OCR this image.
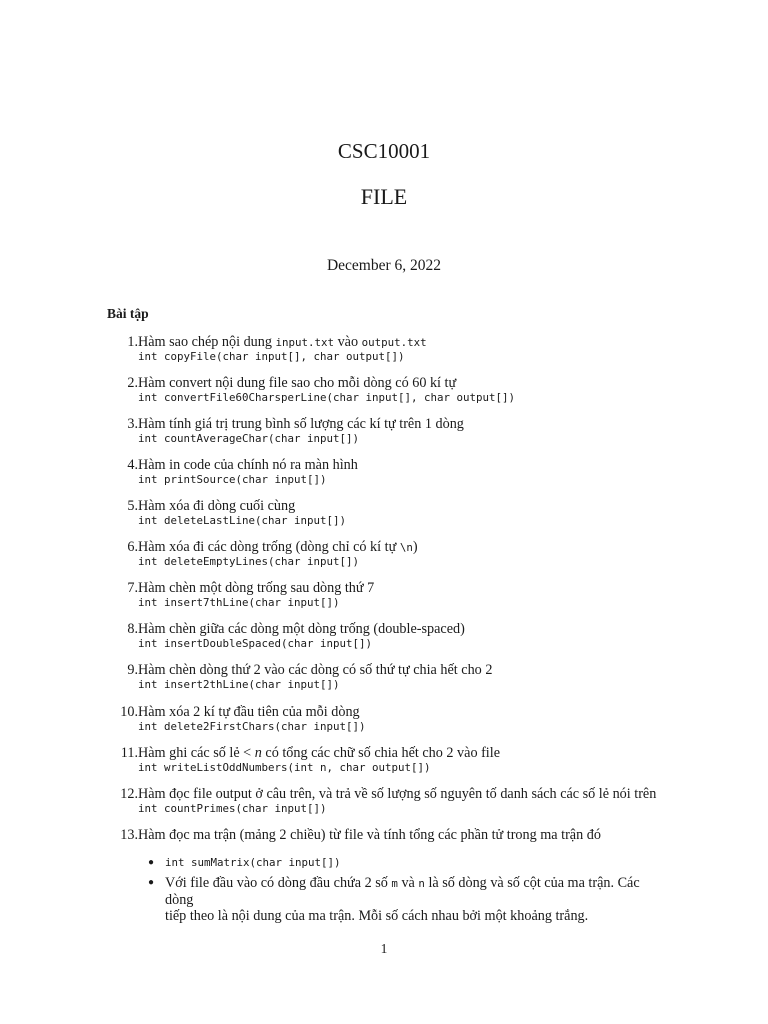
CSC10001
FILE
December 6, 2022
Bài tập
1. Hàm sao chép nội dung input.txt vào output.txt
int copyFile(char input[], char output[])
2. Hàm convert nội dung file sao cho mỗi dòng có 60 kí tự
int convertFile60CharsperLine(char input[], char output[])
3. Hàm tính giá trị trung bình số lượng các kí tự trên 1 dòng
int countAverageChar(char input[])
4. Hàm in code của chính nó ra màn hình
int printSource(char input[])
5. Hàm xóa đi dòng cuối cùng
int deleteLastLine(char input[])
6. Hàm xóa đi các dòng trống (dòng chỉ có kí tự \n)
int deleteEmptyLines(char input[])
7. Hàm chèn một dòng trống sau dòng thứ 7
int insert7thLine(char input[])
8. Hàm chèn giữa các dòng một dòng trống (double-spaced)
int insertDoubleSpaced(char input[])
9. Hàm chèn dòng thứ 2 vào các dòng có số thứ tự chia hết cho 2
int insert2thLine(char input[])
10. Hàm xóa 2 kí tự đầu tiên của mỗi dòng
int delete2FirstChars(char input[])
11. Hàm ghi các số lẻ < n có tổng các chữ số chia hết cho 2 vào file
int writeListOddNumbers(int n, char output[])
12. Hàm đọc file output ở câu trên, và trả về số lượng số nguyên tố danh sách các số lẻ nói trên
int countPrimes(char input[])
13. Hàm đọc ma trận (mảng 2 chiều) từ file và tính tổng các phần tử trong ma trận đó
● int sumMatrix(char input[])
● Với file đầu vào có dòng đầu chứa 2 số m và n là số dòng và số cột của ma trận. Các dòng
tiếp theo là nội dung của ma trận. Mỗi số cách nhau bởi một khoảng trắng.
1
